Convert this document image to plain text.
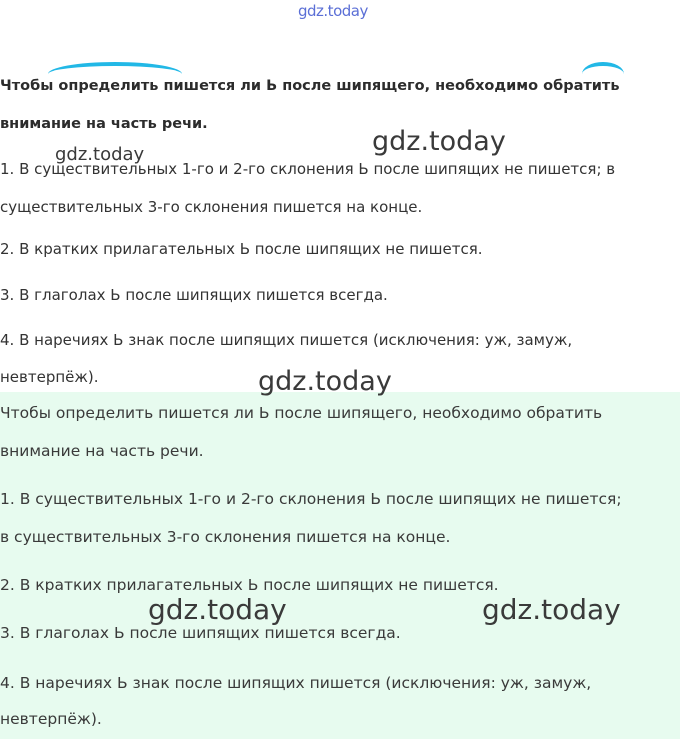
gdz.today
Чтобы определить пишется ли Ь после шипящего, необходимо обратить
внимание на часть речи.
1. В существительных 1-го и 2-го склонения Ь после шипящих не пишется; в
существительных 3-го склонения пишется на конце.
2. В кратких прилагательных Ь после шипящих не пишется.
3. В глаголах Ь после шипящих пишется всегда.
4. В наречиях Ь знак после шипящих пишется (исключения: уж, замуж,
невтерпёж).
Чтобы определить пишется ли Ь после шипящего, необходимо обратить
внимание на часть речи.
1. В существительных 1-го и 2-го склонения Ь после шипящих не пишется;
в существительных 3-го склонения пишется на конце.
2. В кратких прилагательных Ь после шипящих не пишется.
3. В глаголах Ь после шипящих пишется всегда.
4. В наречиях Ь знак после шипящих пишется (исключения: уж, замуж,
невтерпёж).
gdz.today	gdz.today
gdz.today
gdz.today	gdz.today
